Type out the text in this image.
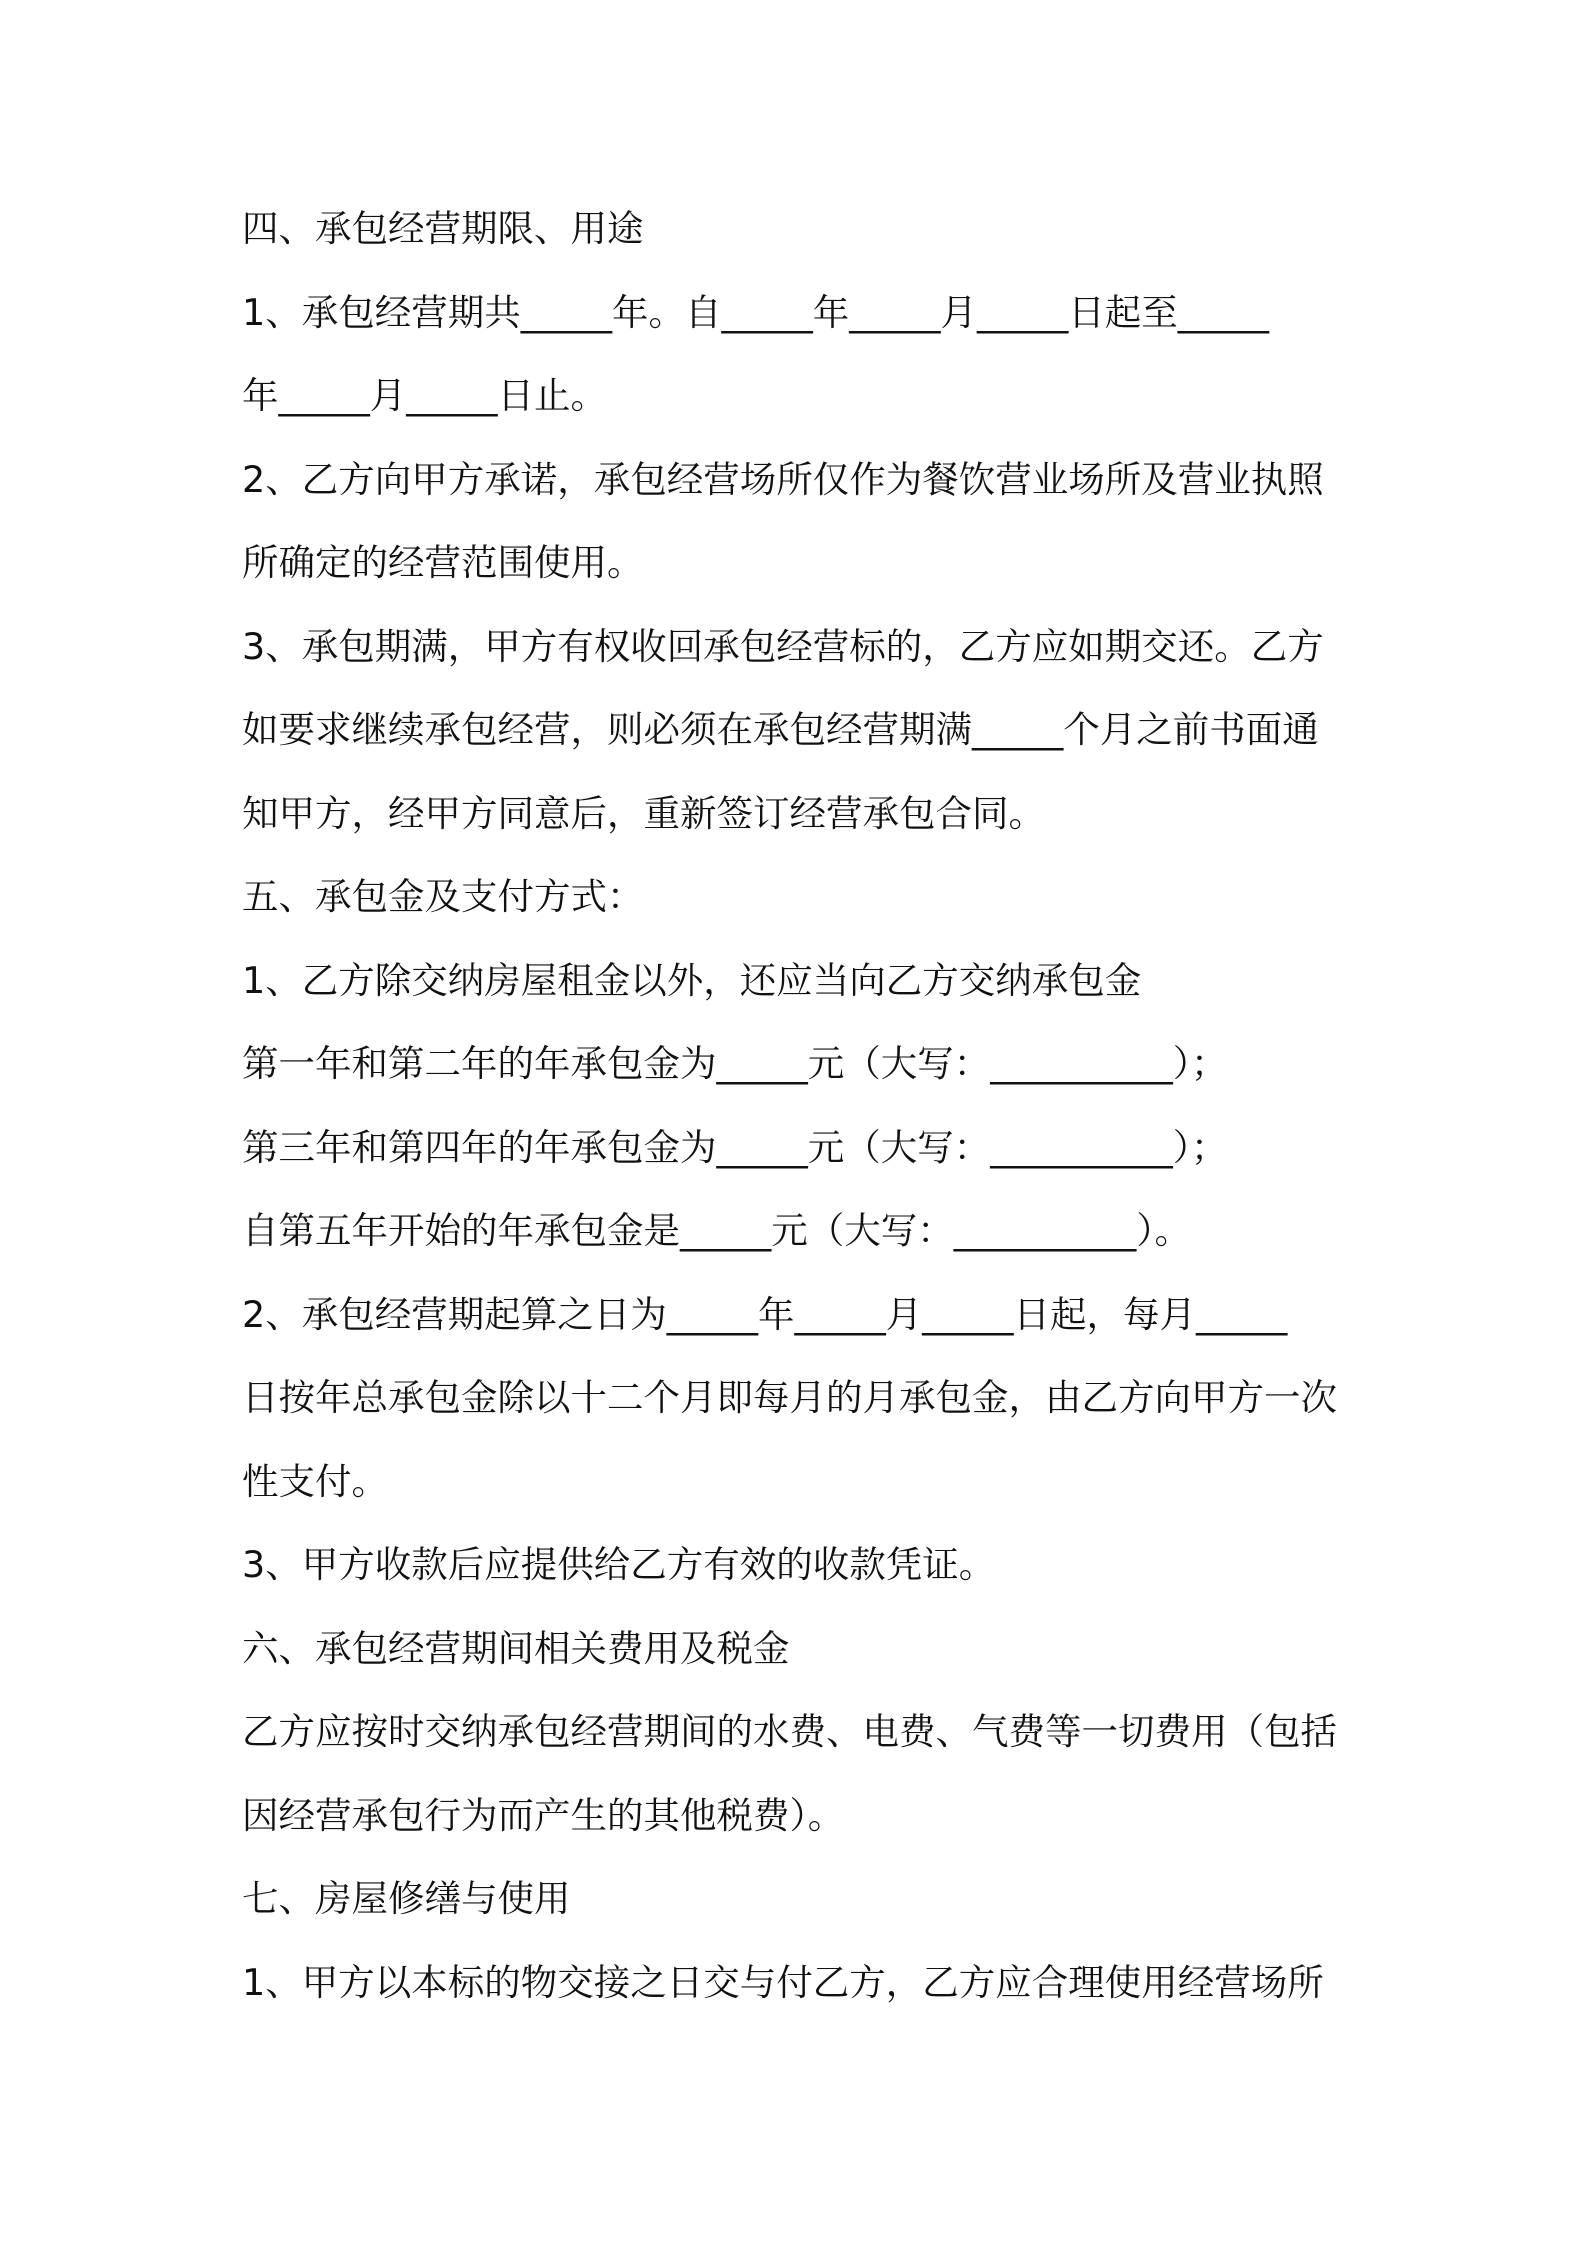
四、承包经营期限、用途
1、承包经营期共_____年。自_____年_____月_____日起至_____
年_____月_____日止。
2、乙方向甲方承诺，承包经营场所仅作为餐饮营业场所及营业执照
所确定的经营范围使用。
3、承包期满，甲方有权收回承包经营标的，乙方应如期交还。乙方
如要求继续承包经营，则必须在承包经营期满_____个月之前书面通
知甲方，经甲方同意后，重新签订经营承包合同。
五、承包金及支付方式：
1、乙方除交纳房屋租金以外，还应当向乙方交纳承包金
第一年和第二年的年承包金为_____元（大写：__________）；
第三年和第四年的年承包金为_____元（大写：__________）；
自第五年开始的年承包金是_____元（大写：__________）。
2、承包经营期起算之日为_____年_____月_____日起，每月_____
日按年总承包金除以十二个月即每月的月承包金，由乙方向甲方一次
性支付。
3、甲方收款后应提供给乙方有效的收款凭证。
六、承包经营期间相关费用及税金
乙方应按时交纳承包经营期间的水费、电费、气费等一切费用（包括
因经营承包行为而产生的其他税费）。
七、房屋修缮与使用
1、甲方以本标的物交接之日交与付乙方，乙方应合理使用经营场所
